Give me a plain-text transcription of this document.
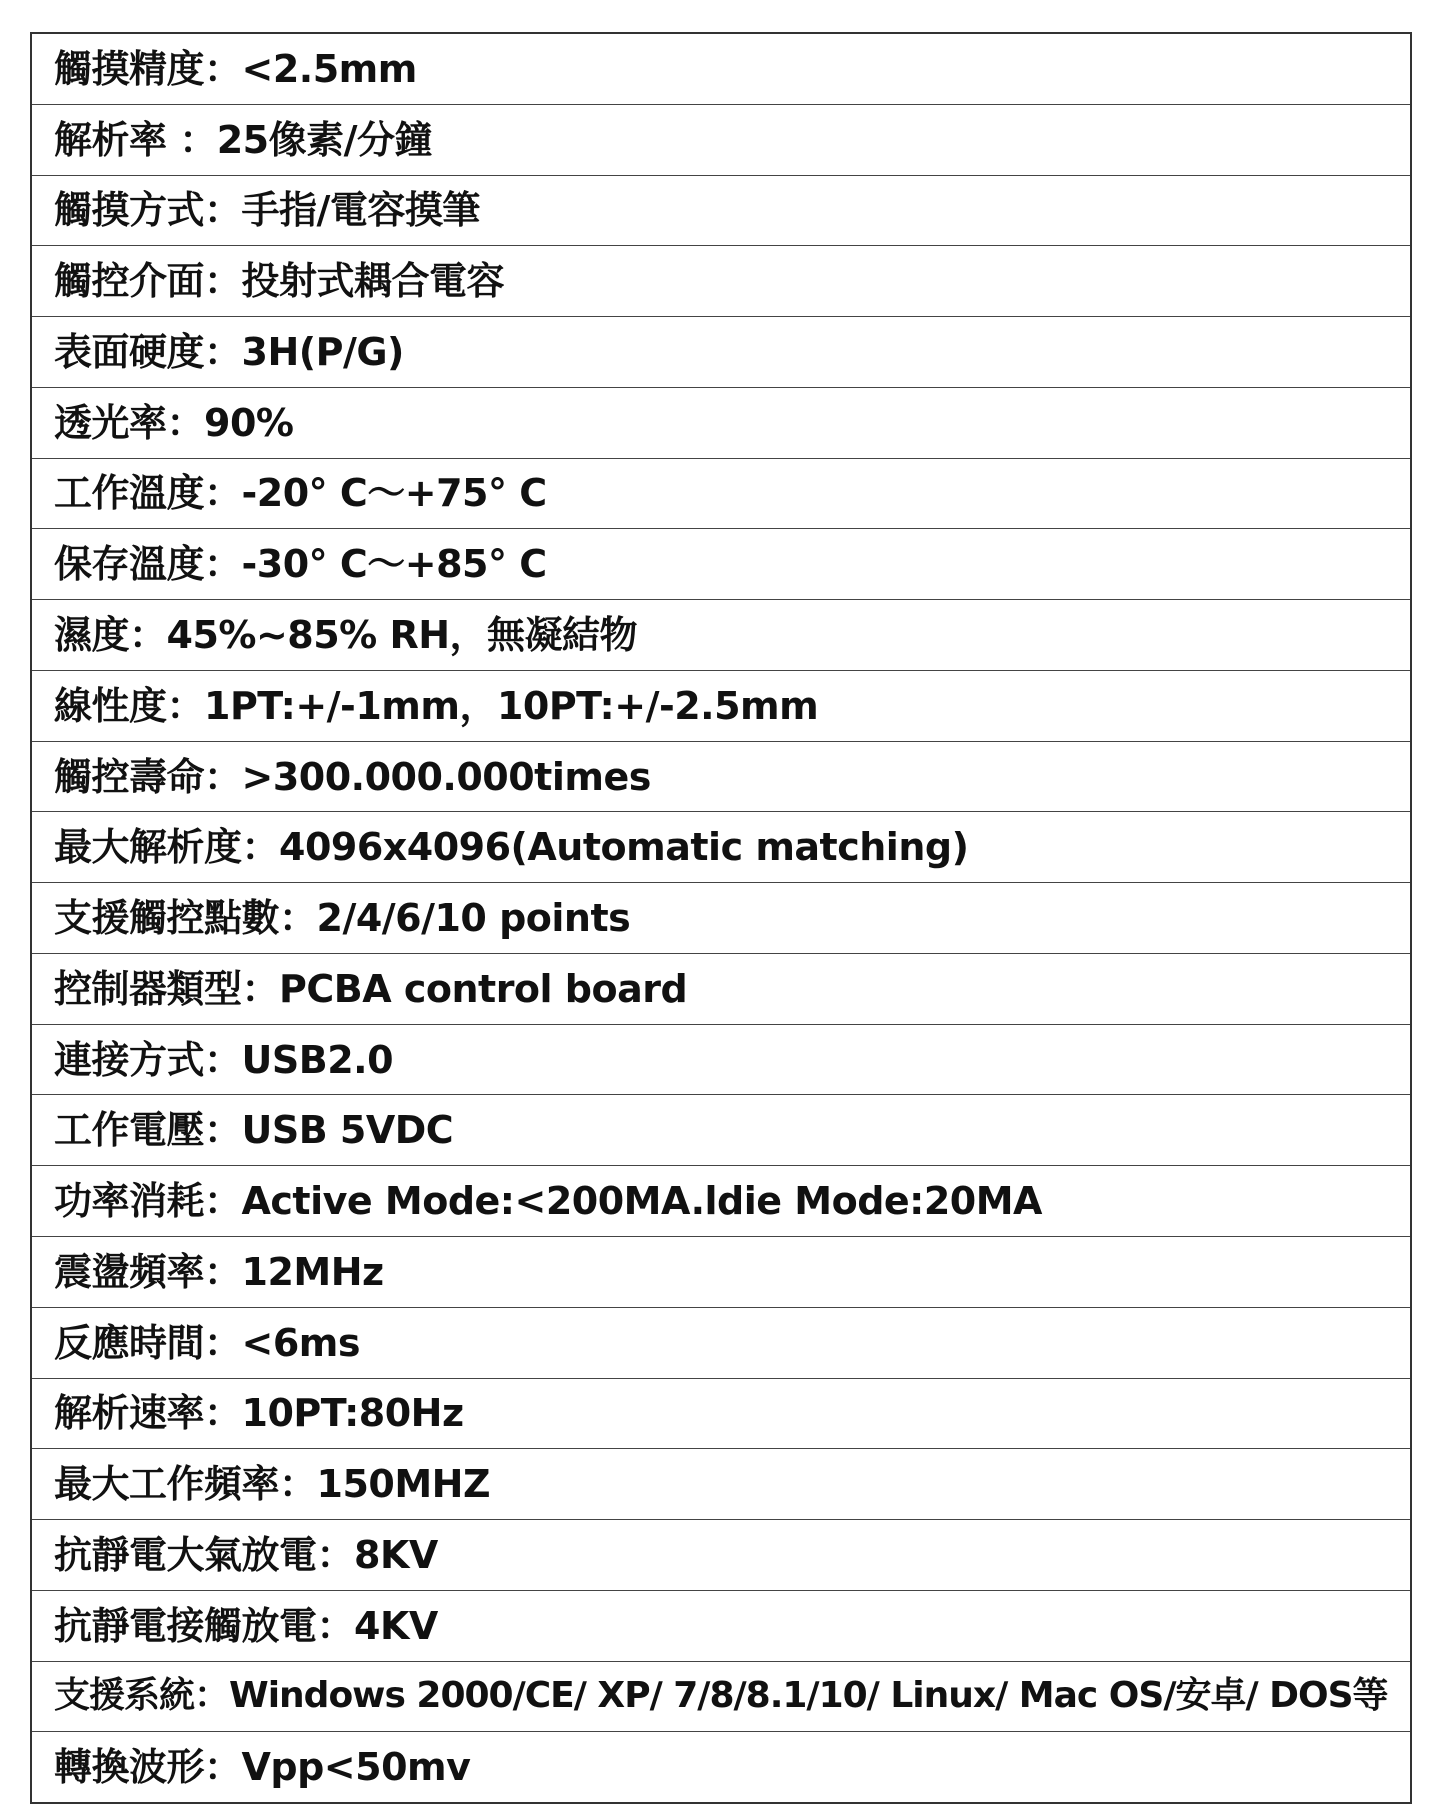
觸摸精度：<2.5mm
解析率 ：25像素/分鐘
觸摸方式：手指/電容摸筆
觸控介面：投射式耦合電容
表面硬度：3H(P/G)
透光率：90%
工作溫度：-20° C～+75° C
保存溫度：-30° C～+85° C
濕度：45%~85% RH，無凝結物
線性度：1PT:+/-1mm，10PT:+/-2.5mm
觸控壽命：>300.000.000times
最大解析度：4096x4096(Automatic matching)
支援觸控點數：2/4/6/10 points
控制器類型：PCBA control board
連接方式：USB2.0
工作電壓：USB 5VDC
功率消耗：Active Mode:<200MA.ldie Mode:20MA
震盪頻率：12MHz
反應時間：<6ms
解析速率：10PT:80Hz
最大工作頻率：150MHZ
抗靜電大氣放電：8KV
抗靜電接觸放電：4KV
支援系統：Windows 2000/CE/ XP/ 7/8/8.1/10/ Linux/ Mac OS/安卓/ DOS等
轉換波形：Vpp<50mv
